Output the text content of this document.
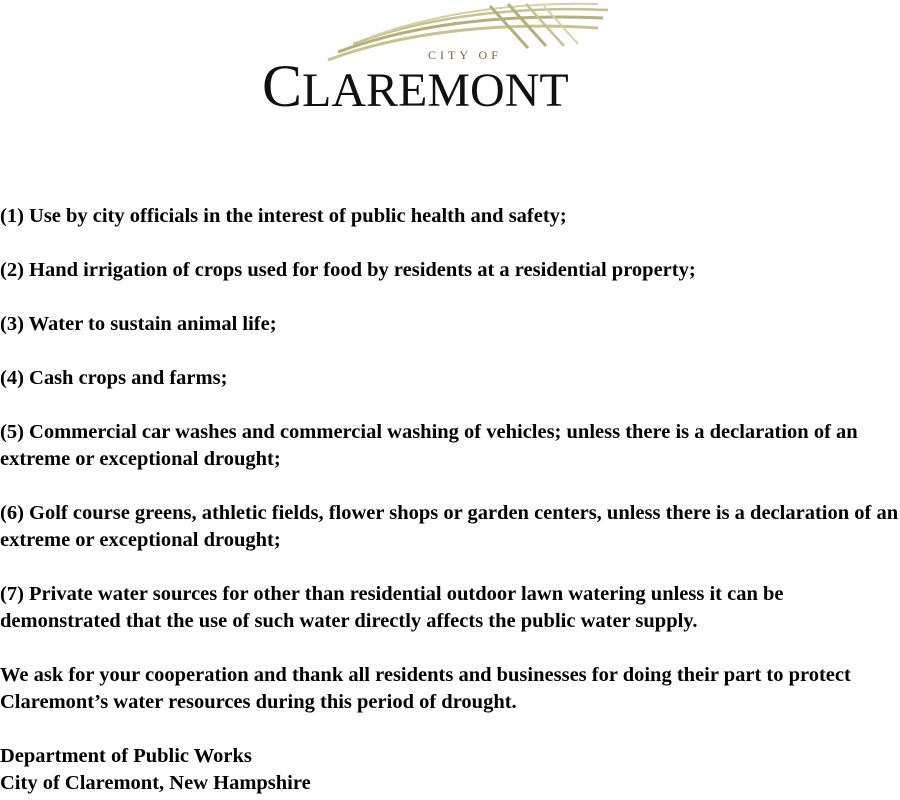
CITY OF
CLAREMONT

(1) Use by city officials in the interest of public health and safety;

(2) Hand irrigation of crops used for food by residents at a residential property;

(3) Water to sustain animal life;

(4) Cash crops and farms;

(5) Commercial car washes and commercial washing of vehicles; unless there is a declaration of an extreme or exceptional drought;

(6) Golf course greens, athletic fields, flower shops or garden centers, unless there is a declaration of an extreme or exceptional drought;

(7) Private water sources for other than residential outdoor lawn watering unless it can be demonstrated that the use of such water directly affects the public water supply.

We ask for your cooperation and thank all residents and businesses for doing their part to protect Claremont’s water resources during this period of drought.

Department of Public Works

City of Claremont, New Hampshire
